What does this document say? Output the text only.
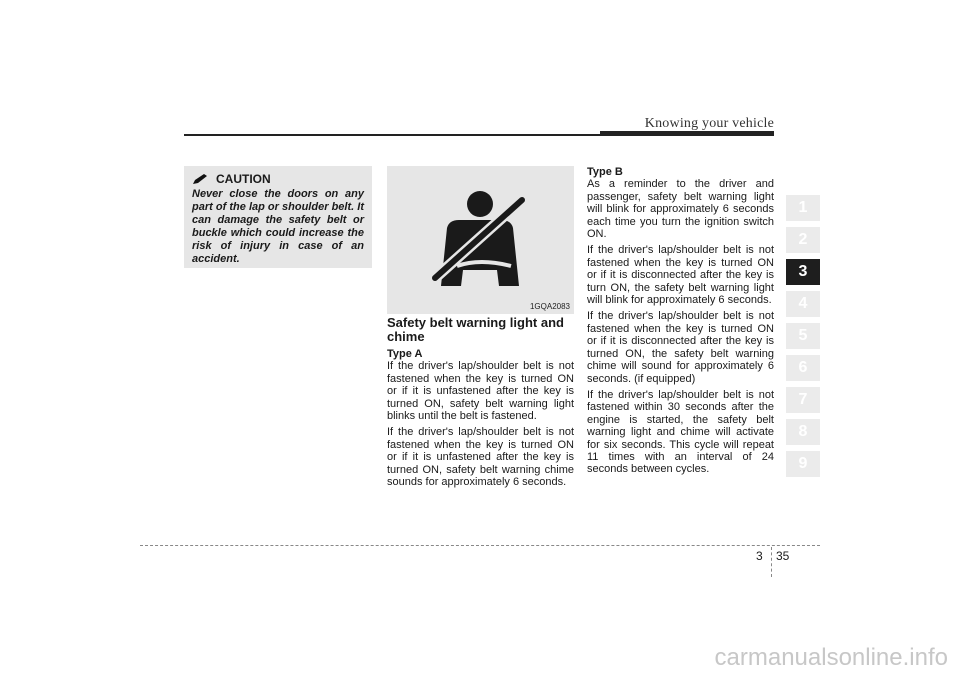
Knowing your vehicle
CAUTION
Never close the doors on any part of the lap or shoulder belt. It can damage the safety belt or buckle which could increase the risk of injury in case of an accident.
1GQA2083
Safety belt warning light and chime
Type A

If the driver's lap/shoulder belt is not fastened when the key is turned ON or if it is unfastened after the key is turned ON, safety belt warning light blinks until the belt is fastened.

If the driver's lap/shoulder belt is not fastened when the key is turned ON or if it is unfastened after the key is turned ON, safety belt warning chime sounds for approximately 6 seconds.

Type B

As a reminder to the driver and passenger, safety belt warning light will blink for approximately 6 seconds each time you turn the ignition switch ON.

If the driver's lap/shoulder belt is not fastened when the key is turned ON or if it is disconnected after the key is turn ON, the safety belt warning light will blink for approximately 6 seconds.

If the driver's lap/shoulder belt is not fastened when the key is turned ON or if it is disconnected after the key is turned ON, the safety belt warning chime will sound for approximately 6 seconds. (if equipped)

If the driver's lap/shoulder belt is not fastened within 30 seconds after the engine is started, the safety belt warning light and chime will activate for six seconds. This cycle will repeat 11 times with an interval of 24 seconds between cycles.

1
2
3
4
5
6
7
8
9
3 35
carmanualsonline.info
